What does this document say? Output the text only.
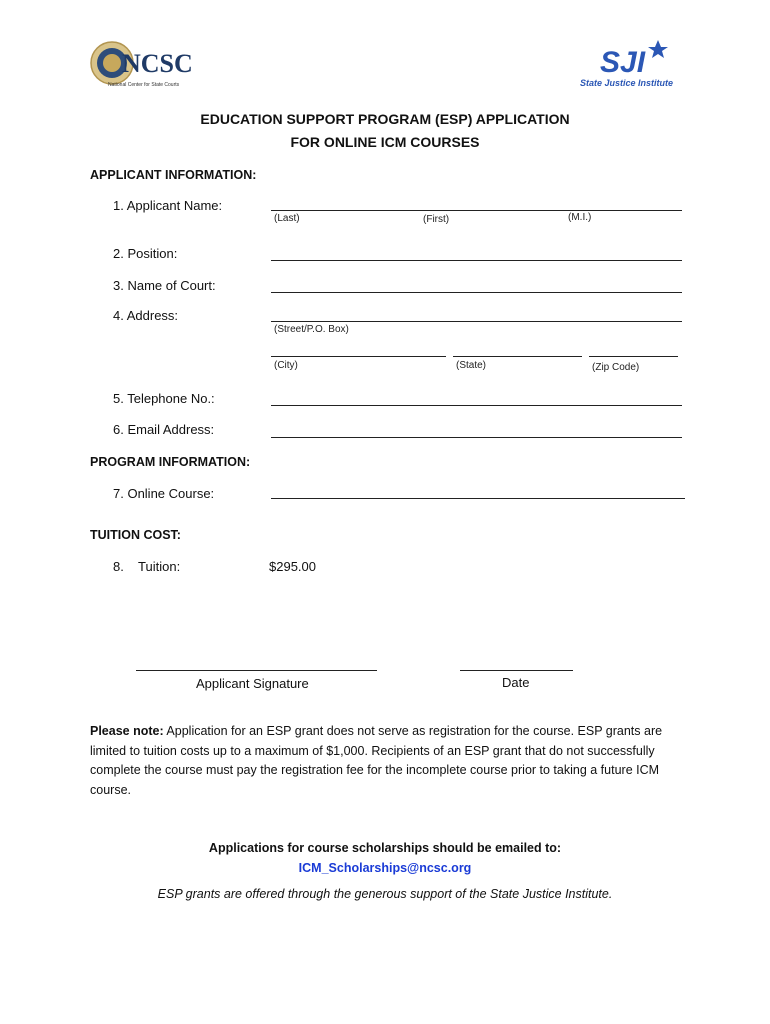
NCSC
National Center for State Courts
SJI
State Justice Institute
EDUCATION SUPPORT PROGRAM (ESP) APPLICATION
FOR ONLINE ICM COURSES
APPLICANT INFORMATION:
1. Applicant Name:
(Last)	(First)	(M.I.)
2. Position:
3. Name of Court:
4. Address:
(Street/P.O. Box)
(City)	(State)	(Zip Code)
5. Telephone No.:
6. Email Address:
PROGRAM INFORMATION:
7. Online Course:
TUITION COST:
8.    Tuition:	$295.00
Applicant Signature	Date
Please note: Application for an ESP grant does not serve as registration for the course. ESP grants are limited to tuition costs up to a maximum of $1,000. Recipients of an ESP grant that do not successfully complete the course must pay the registration fee for the incomplete course prior to taking a future ICM course.
Applications for course scholarships should be emailed to:
ICM_Scholarships@ncsc.org
ESP grants are offered through the generous support of the State Justice Institute.
